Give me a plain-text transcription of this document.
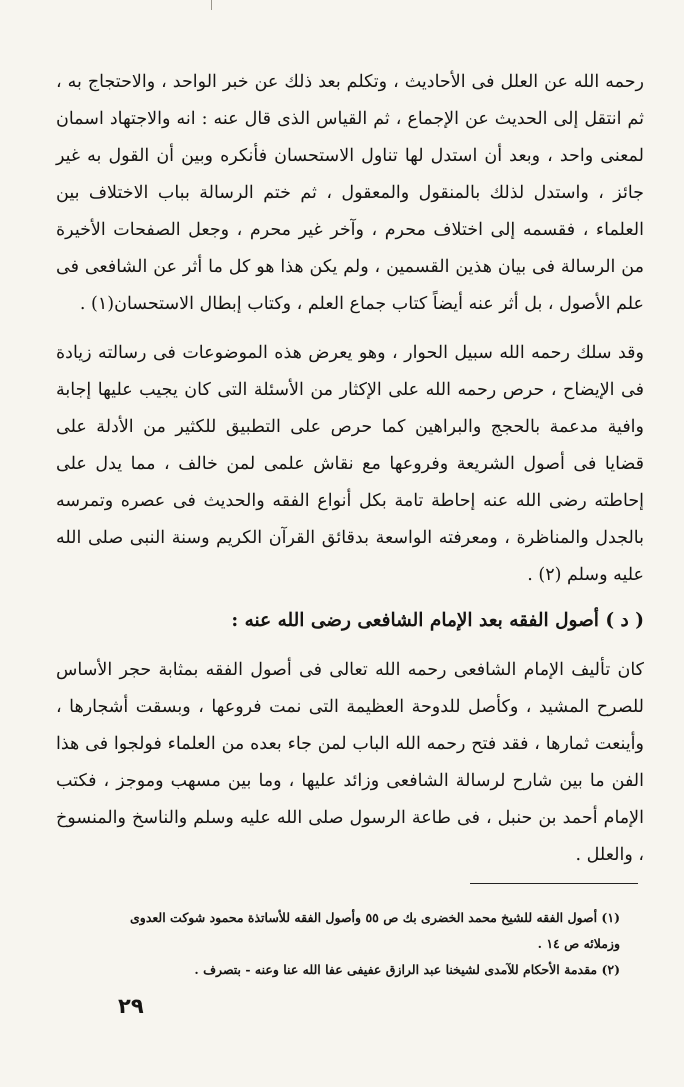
رحمه الله عن العلل فى الأحاديث ، وتكلم بعد ذلك عن خبر الواحد ، والاحتجاج به ، ثم انتقل إلى الحديث عن الإجماع ، ثم القياس الذى قال عنه : انه والاجتهاد اسمان لمعنى واحد ، وبعد أن استدل لها تناول الاستحسان فأنكره وبين أن القول به غير جائز ، واستدل لذلك بالمنقول والمعقول ، ثم ختم الرسالة بباب الاختلاف بين العلماء ، فقسمه إلى اختلاف محرم ، وآخر غير محرم ، وجعل الصفحات الأخيرة من الرسالة فى بيان هذين القسمين ، ولم يكن هذا هو كل ما أثر عن الشافعى فى علم الأصول ، بل أثر عنه أيضاً كتاب جماع العلم ، وكتاب إبطال الاستحسان(١) .

وقد سلك رحمه الله سبيل الحوار ، وهو يعرض هذه الموضوعات فى رسالته زيادة فى الإيضاح ، حرص رحمه الله على الإكثار من الأسئلة التى كان يجيب عليها إجابة وافية مدعمة بالحجج والبراهين كما حرص على التطبيق للكثير من الأدلة على قضايا فى أصول الشريعة وفروعها مع نقاش علمى لمن خالف ، مما يدل على إحاطته رضى الله عنه إحاطة تامة بكل أنواع الفقه والحديث فى عصره وتمرسه بالجدل والمناظرة ، ومعرفته الواسعة بدقائق القرآن الكريم وسنة النبى صلى الله عليه وسلم (٢) .

( د ) أصول الفقه بعد الإمام الشافعى رضى الله عنه :

كان تأليف الإمام الشافعى رحمه الله تعالى فى أصول الفقه بمثابة حجر الأساس للصرح المشيد ، وكأصل للدوحة العظيمة التى نمت فروعها ، وبسقت أشجارها ، وأينعت ثمارها ، فقد فتح رحمه الله الباب لمن جاء بعده من العلماء فولجوا فى هذا الفن ما بين شارح لرسالة الشافعى وزائد عليها ، وما بين مسهب وموجز ، فكتب الإمام أحمد بن حنبل ، فى طاعة الرسول صلى الله عليه وسلم والناسخ والمنسوخ ، والعلل .

(١) أصول الفقه للشيخ محمد الخضرى بك ص ٥٥ وأصول الفقه للأساتذة محمود شوكت العدوى وزملائه ص ١٤ .

(٢) مقدمة الأحكام للآمدى لشيخنا عبد الرازق عفيفى عفا الله عنا وعنه - بتصرف .

٢٩
